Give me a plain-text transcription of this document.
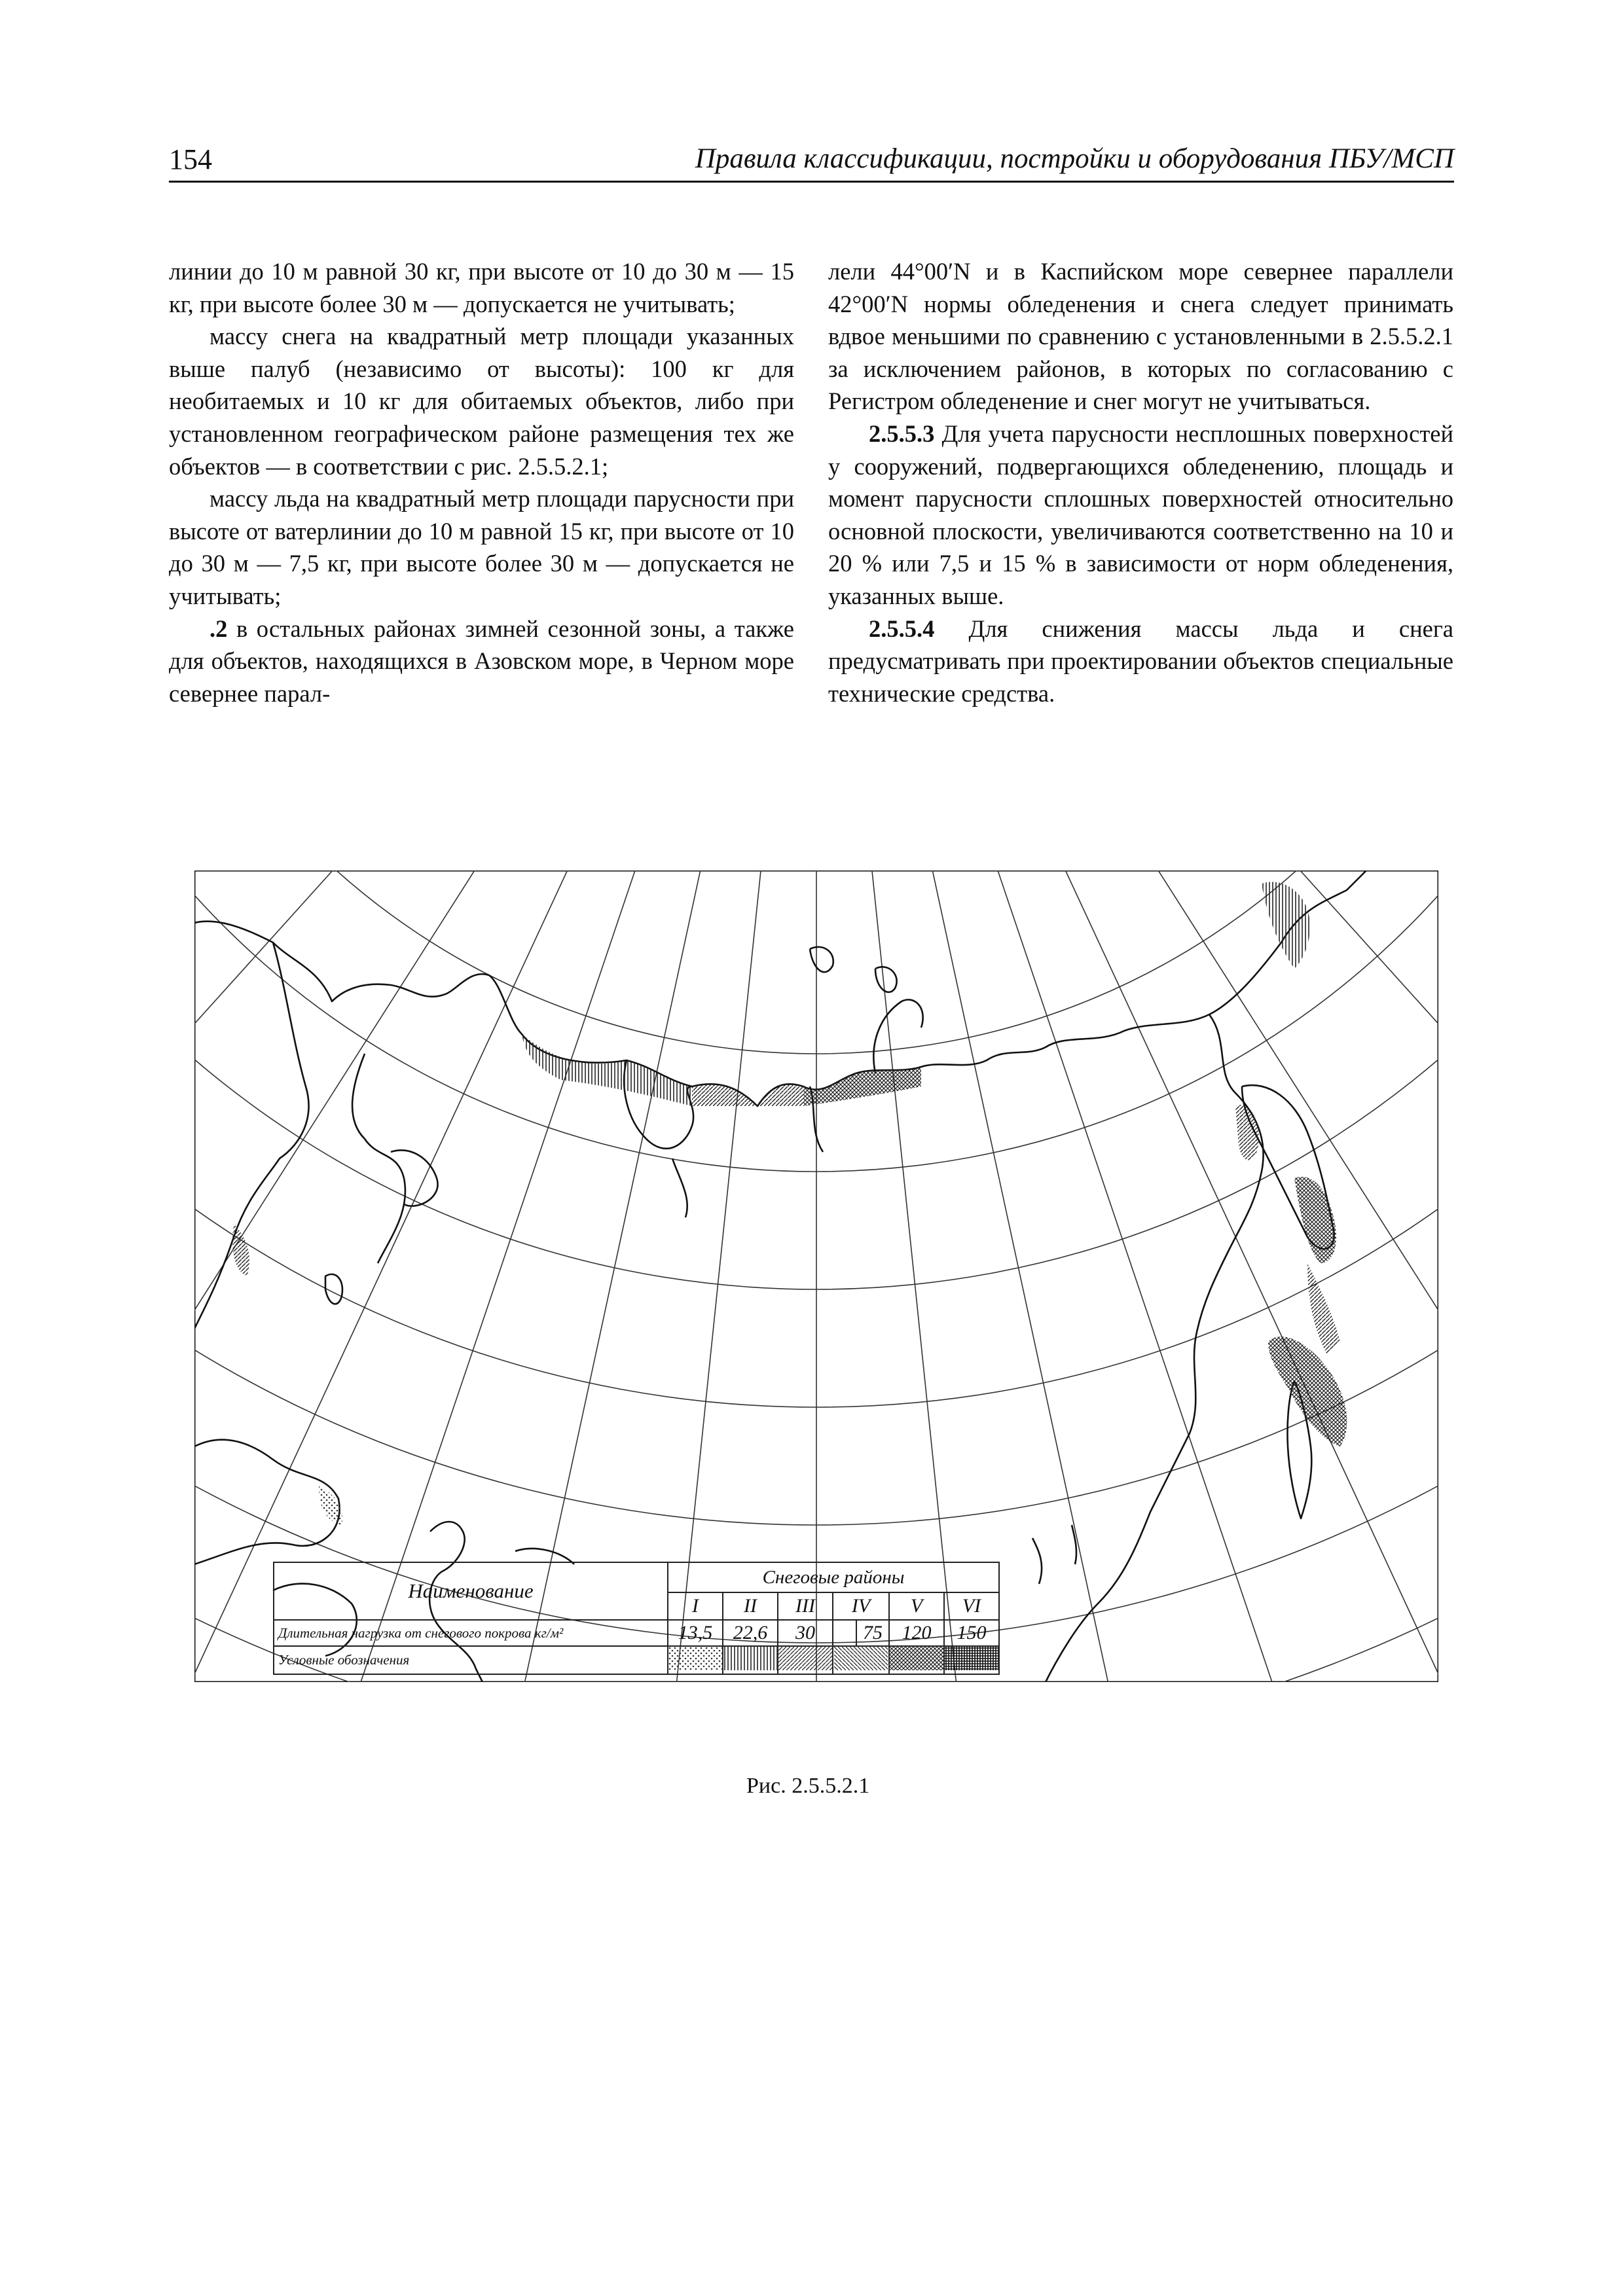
154	Правила классификации, постройки и оборудования ПБУ/МСП

линии до 10 м равной 30 кг, при высоте от 10 до 30 м — 15 кг, при высоте более 30 м — допускается не учитывать;

массу снега на квадратный метр площади указанных выше палуб (независимо от высоты): 100 кг для необитаемых и 10 кг для обитаемых объектов, либо при установленном географическом районе размещения тех же объектов — в соответствии с рис. 2.5.5.2.1;

массу льда на квадратный метр площади парусности при высоте от ватерлинии до 10 м равной 15 кг, при высоте от 10 до 30 м — 7,5 кг, при высоте более 30 м — допускается не учитывать;

.2 в остальных районах зимней сезонной зоны, а также для объектов, находящихся в Азовском море, в Черном море севернее парал-

лели 44°00′N и в Каспийском море севернее параллели 42°00′N нормы обледенения и снега следует принимать вдвое меньшими по сравнению с установленными в 2.5.5.2.1 за исключением районов, в которых по согласованию с Регистром обледенение и снег могут не учитываться.

2.5.5.3 Для учета парусности несплошных поверхностей у сооружений, подвергающихся обледенению, площадь и момент парусности сплошных поверхностей относительно основной плоскости, увеличиваются соответственно на 10 и 20 % или 7,5 и 15 % в зависимости от норм обледенения, указанных выше.

2.5.5.4 Для снижения массы льда и снега предусматривать при проектировании объектов специальные технические средства.

Наименование	Снеговые районы						
	I	II	III	IV		V	VI
Длительная нагрузка от снегового покрова кг/м²	13,5	22,6	30		75	120	150
Условные обозначения						
Рис. 2.5.5.2.1
